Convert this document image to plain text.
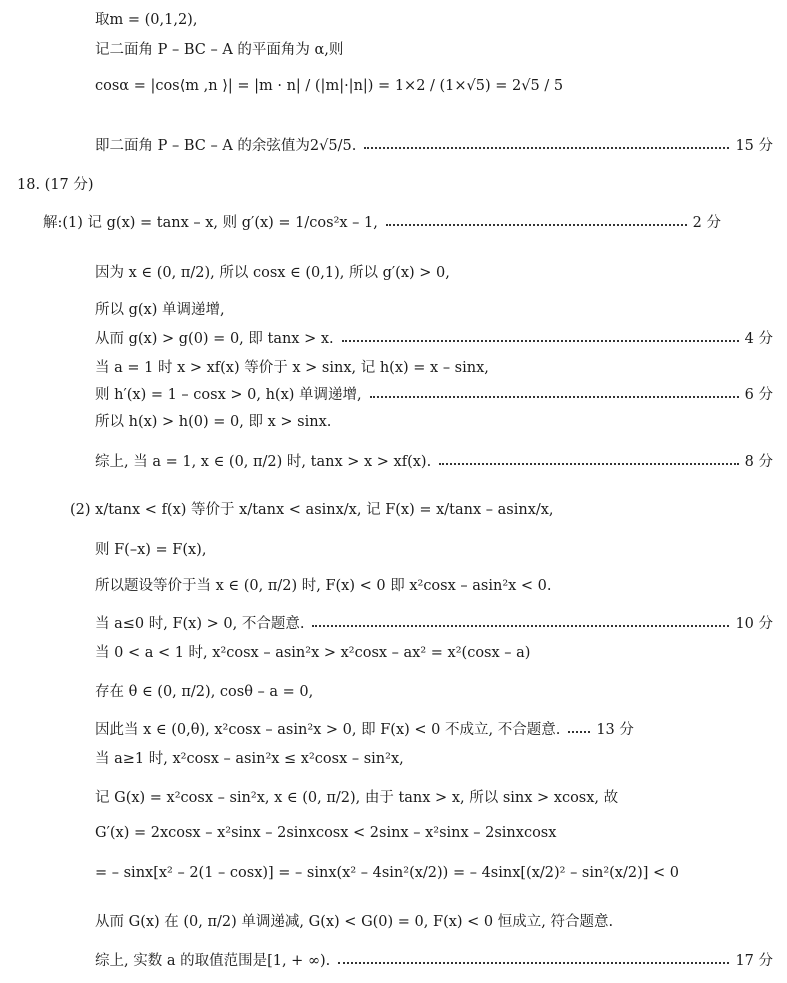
取m = (0,1,2),
记二面角 P – BC – A 的平面角为 α,则
cosα = |cos⟨m ,n ⟩| = |m · n| / (|m|·|n|) = 1×2 / (1×√5) = 2√5 / 5
即二面角 P – BC – A 的余弦值为2√5/5.	15 分
18. (17 分)
解:(1) 记 g(x) = tanx – x, 则 g′(x) = 1/cos²x – 1,	2 分
因为 x ∈ (0, π/2), 所以 cosx ∈ (0,1), 所以 g′(x) > 0,
所以 g(x) 单调递增,
从而 g(x) > g(0) = 0, 即 tanx > x.	4 分
当 a = 1 时 x > xf(x) 等价于 x > sinx, 记 h(x) = x – sinx,
则 h′(x) = 1 – cosx > 0, h(x) 单调递增,	6 分
所以 h(x) > h(0) = 0, 即 x > sinx.
综上, 当 a = 1, x ∈ (0, π/2) 时, tanx > x > xf(x).	8 分
(2) x/tanx < f(x) 等价于 x/tanx < asinx/x, 记 F(x) = x/tanx – asinx/x,
则 F(–x) = F(x),
所以题设等价于当 x ∈ (0, π/2) 时, F(x) < 0 即 x²cosx – asin²x < 0.
当 a≤0 时, F(x) > 0, 不合题意.	10 分
当 0 < a < 1 时, x²cosx – asin²x > x²cosx – ax² = x²(cosx – a)
存在 θ ∈ (0, π/2), cosθ – a = 0,
因此当 x ∈ (0,θ), x²cosx – asin²x > 0, 即 F(x) < 0 不成立, 不合题意. 13 分
当 a≥1 时, x²cosx – asin²x ≤ x²cosx – sin²x,
记 G(x) = x²cosx – sin²x, x ∈ (0, π/2), 由于 tanx > x, 所以 sinx > xcosx, 故
G′(x) = 2xcosx – x²sinx – 2sinxcosx < 2sinx – x²sinx – 2sinxcosx
= – sinx[x² – 2(1 – cosx)] = – sinx(x² – 4sin²(x/2)) = – 4sinx[(x/2)² – sin²(x/2)] < 0
从而 G(x) 在 (0, π/2) 单调递减, G(x) < G(0) = 0, F(x) < 0 恒成立, 符合题意.
综上, 实数 a 的取值范围是[1, + ∞).	17 分
